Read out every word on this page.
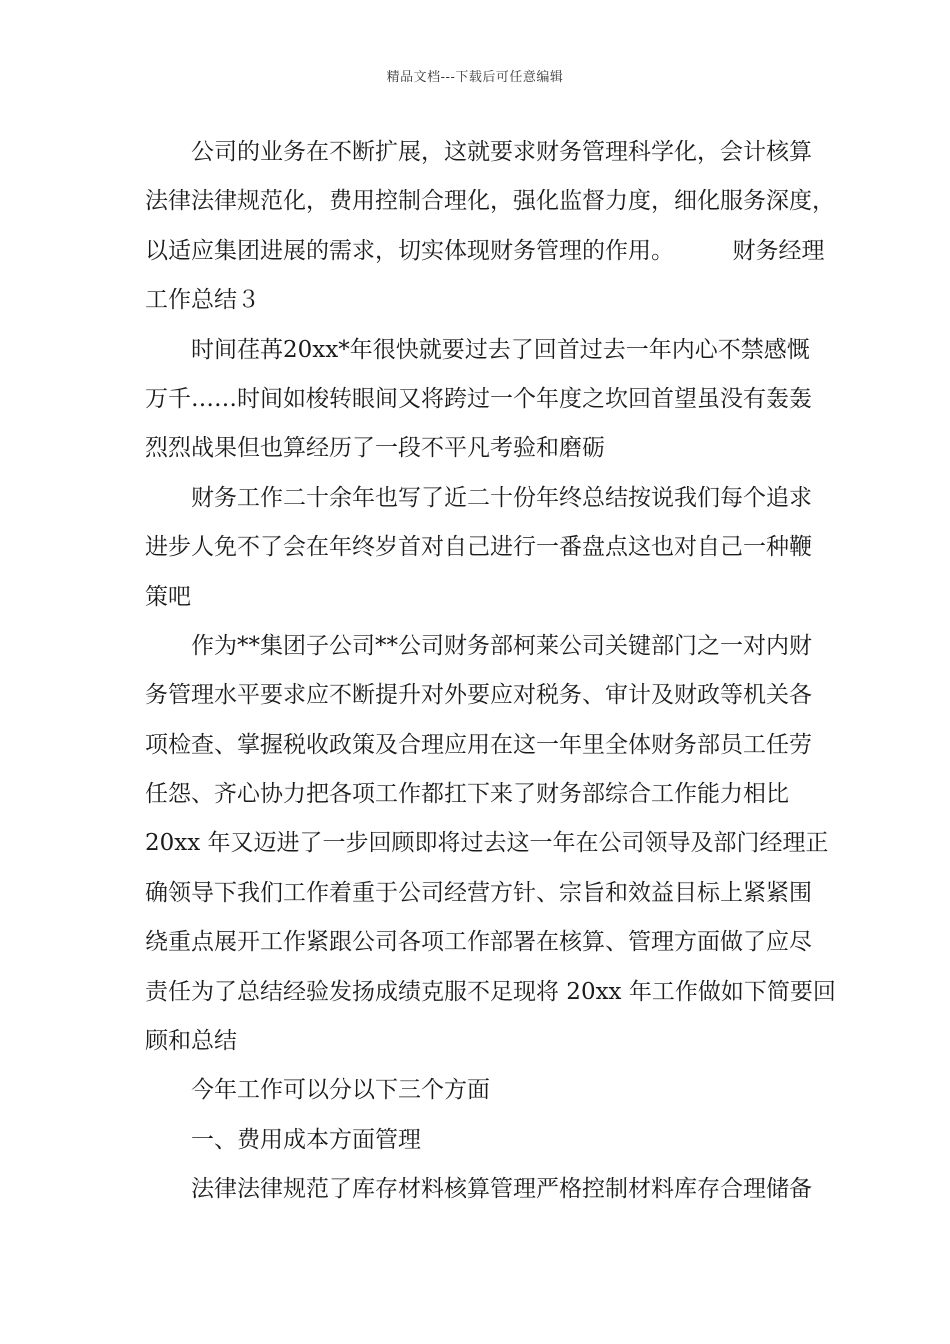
精品文档---下载后可任意编辑
公司的业务在不断扩展，这就要求财务管理科学化，会计核算
法律法律规范化，费用控制合理化，强化监督力度，细化服务深度，
以适应集团进展的需求，切实体现财务管理的作用。        财务经理
工作总结３
时间荏苒20xx*年很快就要过去了回首过去一年内心不禁感慨
万千……时间如梭转眼间又将跨过一个年度之坎回首望虽没有轰轰
烈烈战果但也算经历了一段不平凡考验和磨砺
财务工作二十余年也写了近二十份年终总结按说我们每个追求
进步人免不了会在年终岁首对自己进行一番盘点这也对自己一种鞭
策吧
作为**集团子公司**公司财务部柯莱公司关键部门之一对内财
务管理水平要求应不断提升对外要应对税务、审计及财政等机关各
项检查、掌握税收政策及合理应用在这一年里全体财务部员工任劳
任怨、齐心协力把各项工作都扛下来了财务部综合工作能力相比
20xx 年又迈进了一步回顾即将过去这一年在公司领导及部门经理正
确领导下我们工作着重于公司经营方针、宗旨和效益目标上紧紧围
绕重点展开工作紧跟公司各项工作部署在核算、管理方面做了应尽
责任为了总结经验发扬成绩克服不足现将 20xx 年工作做如下简要回
顾和总结
今年工作可以分以下三个方面
一、费用成本方面管理
法律法律规范了库存材料核算管理严格控制材料库存合理储备
